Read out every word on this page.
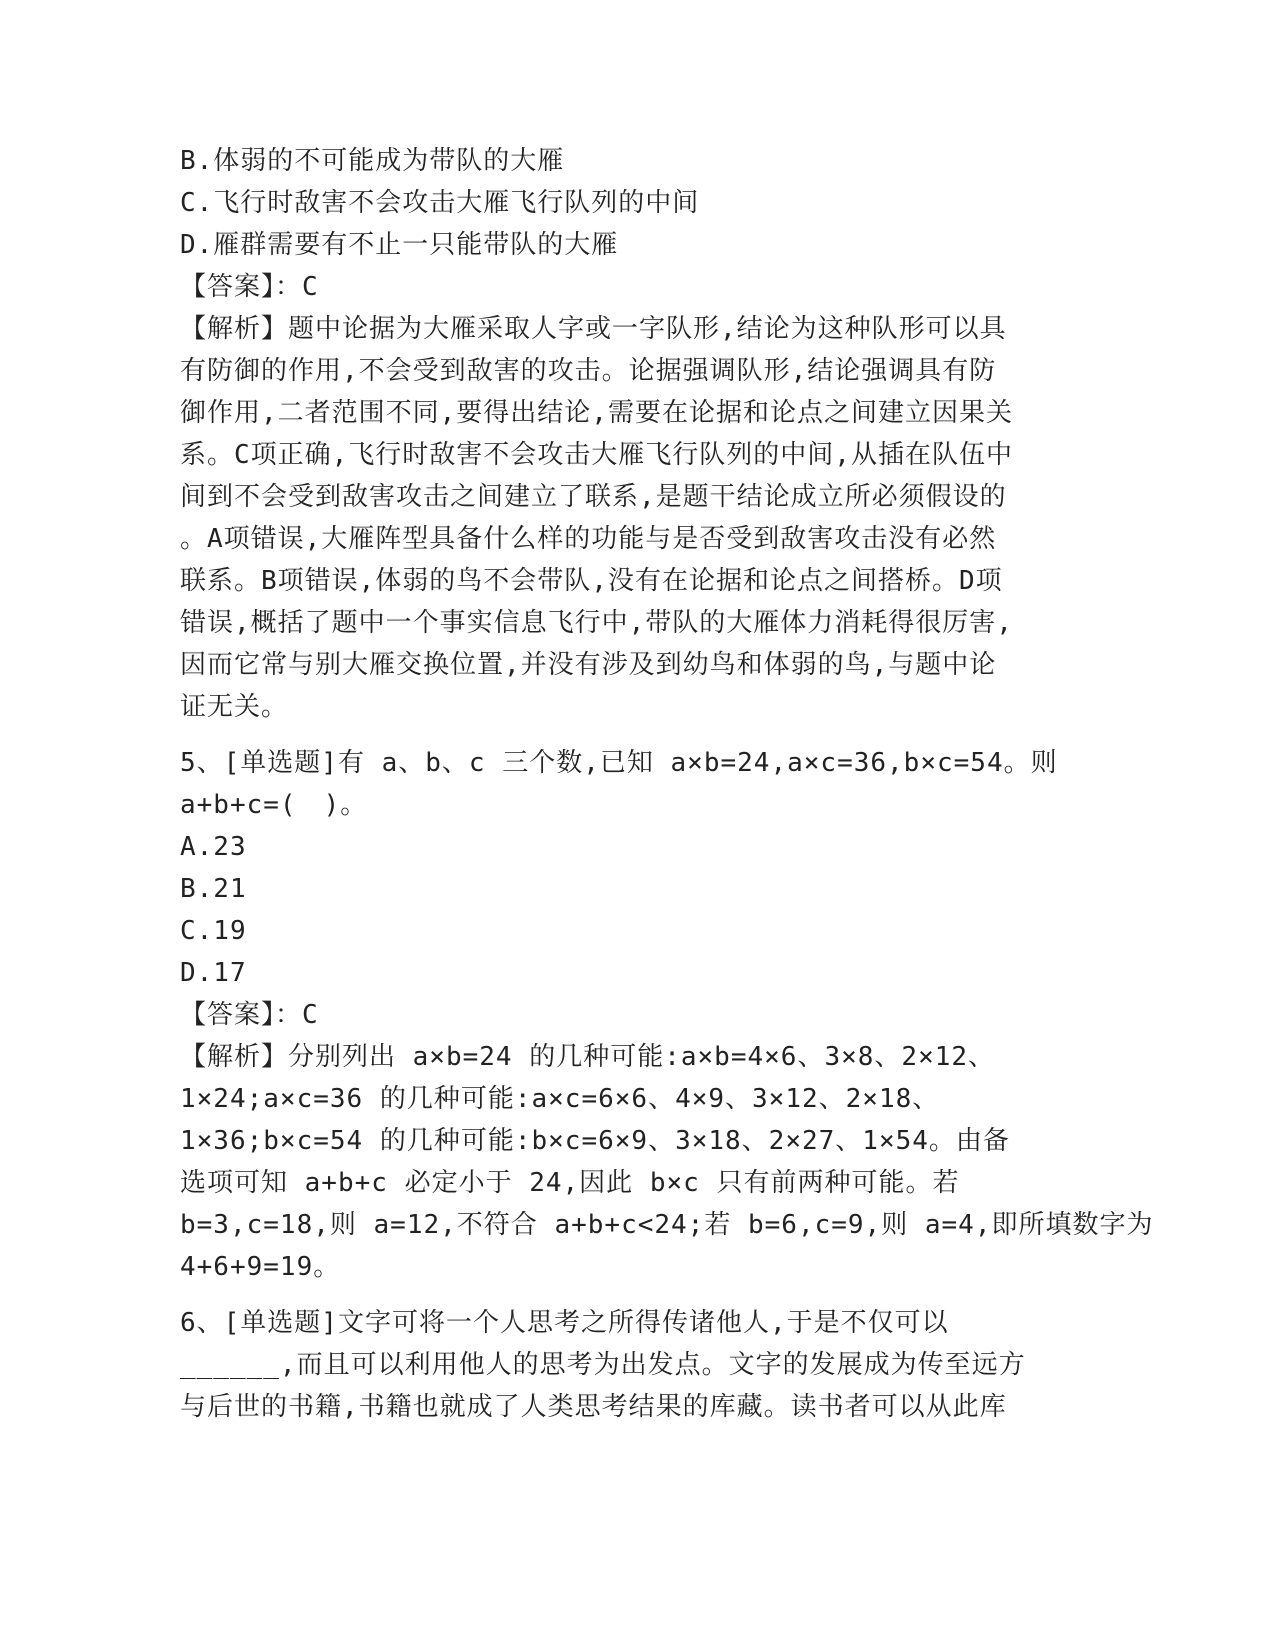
B.体弱的不可能成为带队的大雁
C.飞行时敌害不会攻击大雁飞行队列的中间
D.雁群需要有不止一只能带队的大雁
【答案】：C
【解析】题中论据为大雁采取人字或一字队形,结论为这种队形可以具
有防御的作用,不会受到敌害的攻击。论据强调队形,结论强调具有防
御作用,二者范围不同,要得出结论,需要在论据和论点之间建立因果关
系。C项正确,飞行时敌害不会攻击大雁飞行队列的中间,从插在队伍中
间到不会受到敌害攻击之间建立了联系,是题干结论成立所必须假设的
。A项错误,大雁阵型具备什么样的功能与是否受到敌害攻击没有必然
联系。B项错误,体弱的鸟不会带队,没有在论据和论点之间搭桥。D项
错误,概括了题中一个事实信息飞行中,带队的大雁体力消耗得很厉害,
因而它常与别大雁交换位置,并没有涉及到幼鸟和体弱的鸟,与题中论
证无关。
5、[单选题]有 a、b、c 三个数,已知 a×b=24,a×c=36,b×c=54。则
a+b+c=(　)。
A.23
B.21
C.19
D.17
【答案】：C
【解析】分别列出 a×b=24 的几种可能:a×b=4×6、3×8、2×12、
1×24;a×c=36 的几种可能:a×c=6×6、4×9、3×12、2×18、
1×36;b×c=54 的几种可能:b×c=6×9、3×18、2×27、1×54。由备
选项可知 a+b+c 必定小于 24,因此 b×c 只有前两种可能。若
b=3,c=18,则 a=12,不符合 a+b+c<24;若 b=6,c=9,则 a=4,即所填数字为
4+6+9=19。
6、[单选题]文字可将一个人思考之所得传诸他人,于是不仅可以
______,而且可以利用他人的思考为出发点。文字的发展成为传至远方
与后世的书籍,书籍也就成了人类思考结果的库藏。读书者可以从此库
